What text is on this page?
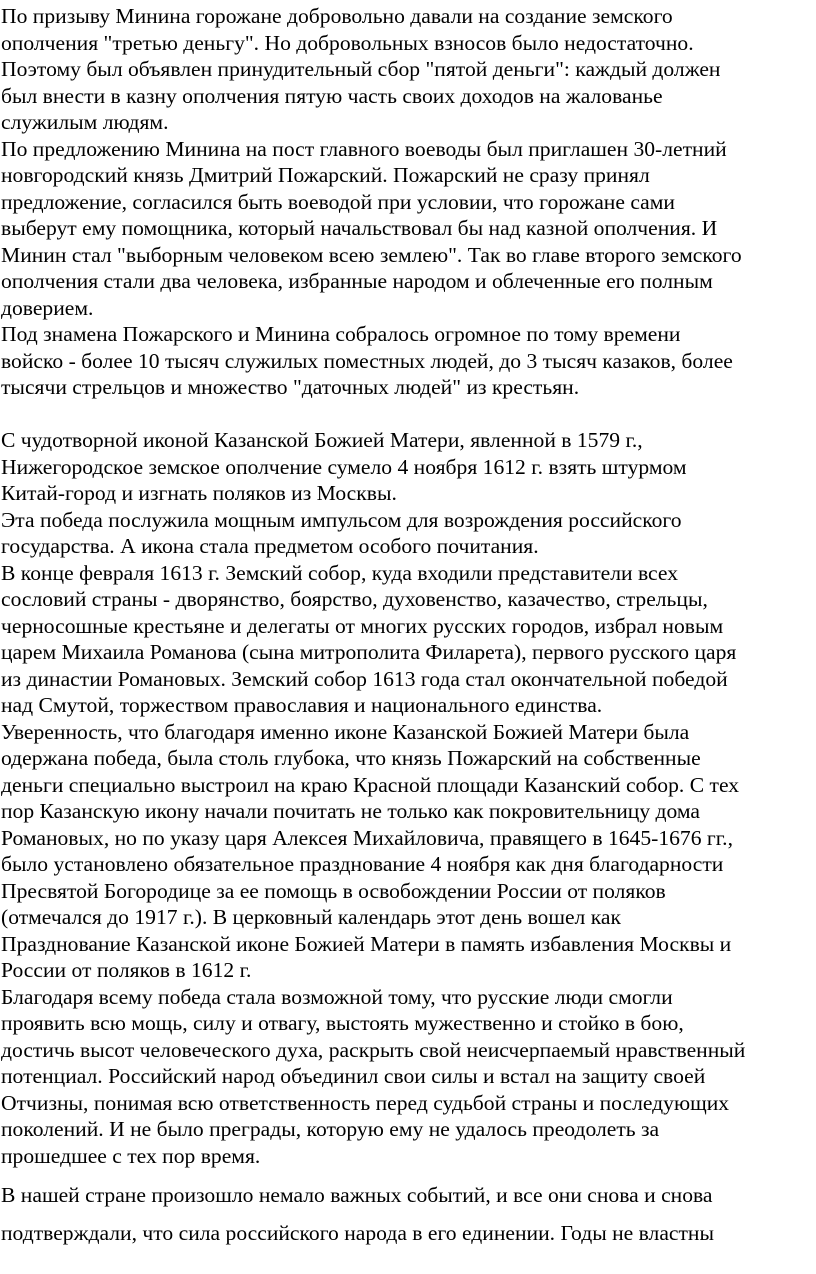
По призыву Минина горожане добровольно давали на создание земского
ополчения "третью деньгу". Но добровольных взносов было недостаточно.
Поэтому был объявлен принудительный сбор "пятой деньги": каждый должен
был внести в казну ополчения пятую часть своих доходов на жалованье
служилым людям.
По предложению Минина на пост главного воеводы был приглашен 30-летний
новгородский князь Дмитрий Пожарский. Пожарский не сразу принял
предложение, согласился быть воеводой при условии, что горожане сами
выберут ему помощника, который начальствовал бы над казной ополчения. И
Минин стал "выборным человеком всею землею". Так во главе второго земского
ополчения стали два человека, избранные народом и облеченные его полным
доверием.
Под знамена Пожарского и Минина собралось огромное по тому времени
войско - более 10 тысяч служилых поместных людей, до 3 тысяч казаков, более
тысячи стрельцов и множество "даточных людей" из крестьян.
С чудотворной иконой Казанской Божией Матери, явленной в 1579 г.,
Нижегородское земское ополчение сумело 4 ноября 1612 г. взять штурмом
Китай-город и изгнать поляков из Москвы.
Эта победа послужила мощным импульсом для возрождения российского
государства. А икона стала предметом особого почитания.
В конце февраля 1613 г. Земский собор, куда входили представители всех
сословий страны - дворянство, боярство, духовенство, казачество, стрельцы,
черносошные крестьяне и делегаты от многих русских городов, избрал новым
царем Михаила Романова (сына митрополита Филарета), первого русского царя
из династии Романовых. Земский собор 1613 года стал окончательной победой
над Смутой, торжеством православия и национального единства.
Уверенность, что благодаря именно иконе Казанской Божией Матери была
одержана победа, была столь глубока, что князь Пожарский на собственные
деньги специально выстроил на краю Красной площади Казанский собор. С тех
пор Казанскую икону начали почитать не только как покровительницу дома
Романовых, но по указу царя Алексея Михайловича, правящего в 1645-1676 гг.,
было установлено обязательное празднование 4 ноября как дня благодарности
Пресвятой Богородице за ее помощь в освобождении России от поляков
(отмечался до 1917 г.). В церковный календарь этот день вошел как
Празднование Казанской иконе Божией Матери в память избавления Москвы и
России от поляков в 1612 г.
Благодаря всему победа стала возможной тому, что русские люди смогли
проявить всю мощь, силу и отвагу, выстоять мужественно и стойко в бою,
достичь высот человеческого духа, раскрыть свой неисчерпаемый нравственный
потенциал. Российский народ объединил свои силы и встал на защиту своей
Отчизны, понимая всю ответственность перед судьбой страны и последующих
поколений. И не было преграды, которую ему не удалось преодолеть за
прошедшее с тех пор время.
В нашей стране произошло немало важных событий, и все они снова и снова
подтверждали, что сила российского народа в его единении. Годы не властны
